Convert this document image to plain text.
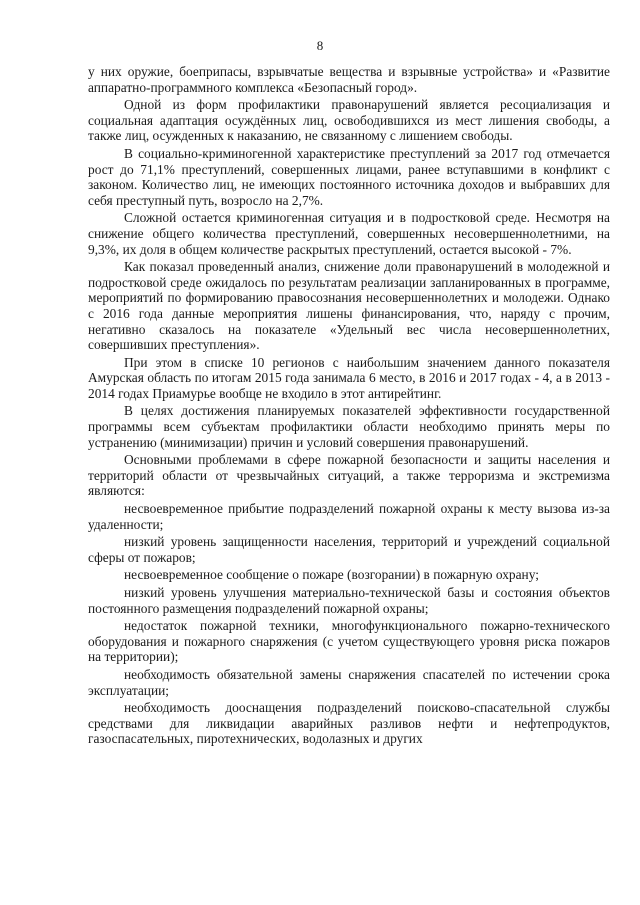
8

у них оружие, боеприпасы, взрывчатые вещества и взрывные устройства» и «Развитие аппаратно-программного комплекса «Безопасный город».

Одной из форм профилактики правонарушений является ресоциализация и социальная адаптация осуждённых лиц, освободившихся из мест лишения свободы, а также лиц, осужденных к наказанию, не связанному с лишением свободы.

В социально-криминогенной характеристике преступлений за 2017 год отмечается рост до 71,1% преступлений, совершенных лицами, ранее вступавшими в конфликт с законом. Количество лиц, не имеющих постоянного источника доходов и выбравших для себя преступный путь, возросло на 2,7%.

Сложной остается криминогенная ситуация и в подростковой среде. Несмотря на снижение общего количества преступлений, совершенных несовершеннолетними, на 9,3%, их доля в общем количестве раскрытых преступлений, остается высокой - 7%.

Как показал проведенный анализ, снижение доли правонарушений в молодежной и подростковой среде ожидалось по результатам реализации запланированных в программе, мероприятий по формированию правосознания несовершеннолетних и молодежи. Однако с 2016 года данные мероприятия лишены финансирования, что, наряду с прочим, негативно сказалось на показателе «Удельный вес числа несовершеннолетних, совершивших преступления».

При этом в списке 10 регионов с наибольшим значением данного показателя Амурская область по итогам 2015 года занимала 6 место, в 2016 и 2017 годах - 4, а в 2013 - 2014 годах Приамурье вообще не входило в этот антирейтинг.

В целях достижения планируемых показателей эффективности государственной программы всем субъектам профилактики области необходимо принять меры по устранению (минимизации) причин и условий совершения правонарушений.

Основными проблемами в сфере пожарной безопасности и защиты населения и территорий области от чрезвычайных ситуаций, а также терроризма и экстремизма являются:

несвоевременное прибытие подразделений пожарной охраны к месту вызова из-за удаленности;

низкий уровень защищенности населения, территорий и учреждений социальной сферы от пожаров;

несвоевременное сообщение о пожаре (возгорании) в пожарную охрану;

низкий уровень улучшения материально-технической базы и состояния объектов постоянного размещения подразделений пожарной охраны;

недостаток пожарной техники, многофункционального пожарно-технического оборудования и пожарного снаряжения (с учетом существующего уровня риска пожаров на территории);

необходимость обязательной замены снаряжения спасателей по истечении срока эксплуатации;

необходимость дооснащения подразделений поисково-спасательной службы средствами для ликвидации аварийных разливов нефти и нефтепродуктов, газоспасательных, пиротехнических, водолазных и других
